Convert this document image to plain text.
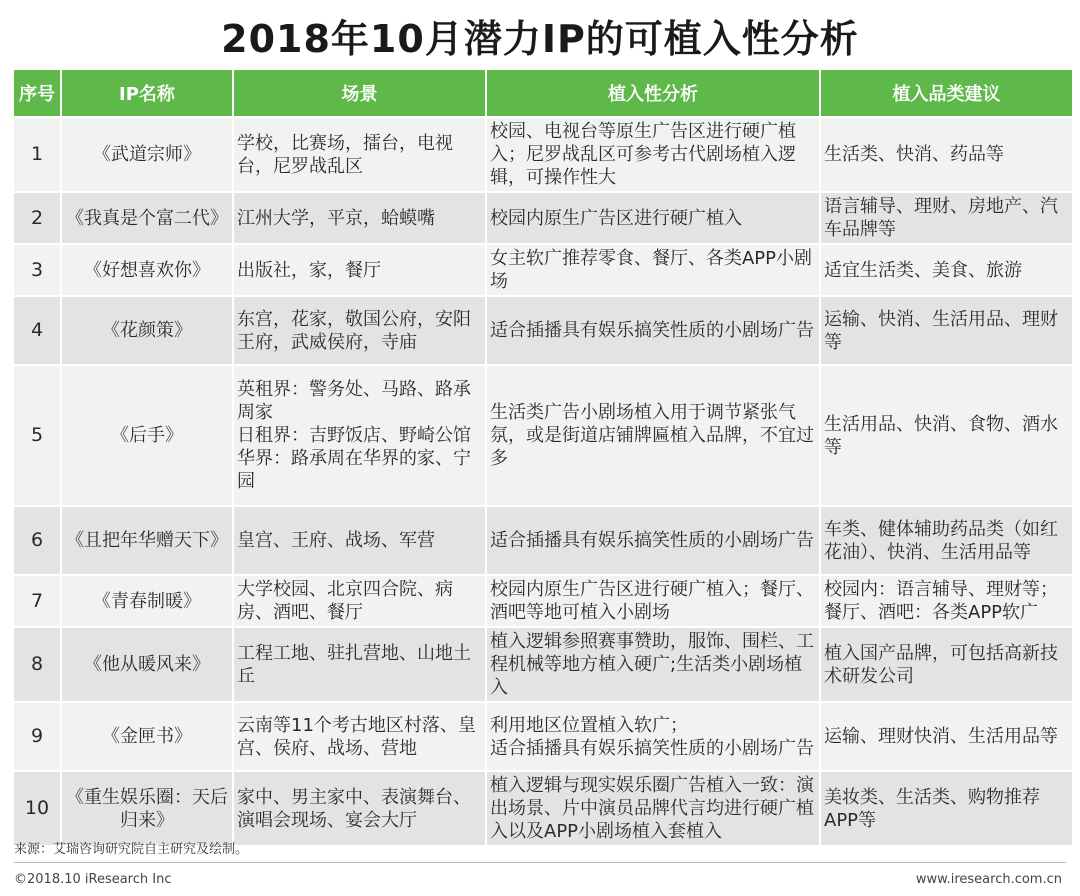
2018年10月潜力IP的可植入性分析
序号	IP名称	场景	植入性分析	植入品类建议
1	《武道宗师》	学校，比赛场，擂台，电视台，尼罗战乱区	校园、电视台等原生广告区进行硬广植入；尼罗战乱区可参考古代剧场植入逻辑，可操作性大	生活类、快消、药品等
2	《我真是个富二代》	江州大学，平京，蛤蟆嘴	校园内原生广告区进行硬广植入	语言辅导、理财、房地产、汽车品牌等
3	《好想喜欢你》	出版社，家，餐厅	女主软广推荐零食、餐厅、各类APP小剧场	适宜生活类、美食、旅游
4	《花颜策》	东宫，花家，敬国公府，安阳王府，武威侯府，寺庙	适合插播具有娱乐搞笑性质的小剧场广告	运输、快消、生活用品、理财等
5	《后手》	英租界：警务处、马路、路承周家
日租界：吉野饭店、野崎公馆
华界：路承周在华界的家、宁园	生活类广告小剧场植入用于调节紧张气氛，或是街道店铺牌匾植入品牌，不宜过多	生活用品、快消、食物、酒水等
6	《且把年华赠天下》	皇宫、王府、战场、军营	适合插播具有娱乐搞笑性质的小剧场广告	车类、健体辅助药品类（如红花油）、快消、生活用品等
7	《青春制暖》	大学校园、北京四合院、病房、酒吧、餐厅	校园内原生广告区进行硬广植入；餐厅、酒吧等地可植入小剧场	校园内：语言辅导、理财等；餐厅、酒吧：各类APP软广
8	《他从暖风来》	工程工地、驻扎营地、山地土丘	植入逻辑参照赛事赞助，服饰、围栏、工程机械等地方植入硬广;生活类小剧场植入	植入国产品牌，可包括高新技术研发公司
9	《金匣书》	云南等11个考古地区村落、皇宫、侯府、战场、营地	利用地区位置植入软广；
适合插播具有娱乐搞笑性质的小剧场广告	运输、理财快消、生活用品等
10	《重生娱乐圈：天后归来》	家中、男主家中、表演舞台、演唱会现场、宴会大厅	植入逻辑与现实娱乐圈广告植入一致：演出场景、片中演员品牌代言均进行硬广植入以及APP小剧场植入套植入	美妆类、生活类、购物推荐APP等
来源：艾瑞咨询研究院自主研究及绘制。
©2018.10 iResearch Inc	www.iresearch.com.cn
